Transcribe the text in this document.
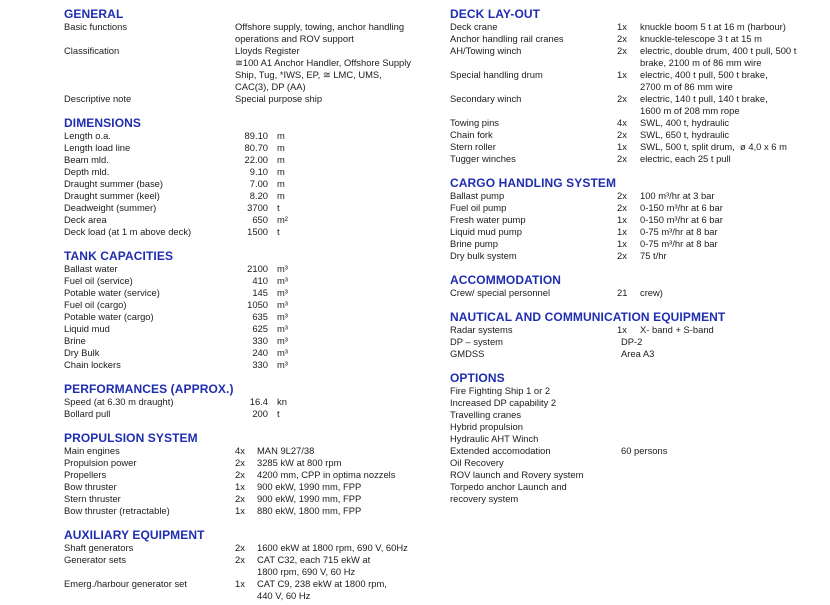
GENERAL
Basic functions	Offshore supply, towing, anchor handling
operations and ROV support
Classification	Lloyds Register
≅100 A1 Anchor Handler, Offshore Supply
Ship, Tug, *IWS, EP, ≅ LMC, UMS,
CAC(3), DP (AA)
Descriptive note	Special purpose ship
DIMENSIONS
Length o.a.	89.10 m
Length load line	80.70 m
Beam mld.	22.00 m
Depth mld.	9.10 m
Draught summer (base)	7.00 m
Draught summer (keel)	8.20 m
Deadweight (summer)	3700 t
Deck area	650 m²
Deck load (at 1 m above deck)	1500 t
TANK CAPACITIES
Ballast water	2100 m³
Fuel oil (service)	410 m³
Potable water (service)	145 m³
Fuel oil (cargo)	1050 m³
Potable water (cargo)	635 m³
Liquid mud	625 m³
Brine	330 m³
Dry Bulk	240 m³
Chain lockers	330 m³
PERFORMANCES (APPROX.)
Speed (at 6.30 m draught)	16.4 kn
Bollard pull	200 t
PROPULSION SYSTEM
Main engines	4x	MAN 9L27/38
Propulsion power	2x	3285 kW at 800 rpm
Propellers	2x	4200 mm, CPP in optima nozzels
Bow thruster	1x	900 ekW, 1990 mm, FPP
Stern thruster	2x	900 ekW, 1990 mm, FPP
Bow thruster (retractable)	1x	880 ekW, 1800 mm, FPP
AUXILIARY EQUIPMENT
Shaft generators	2x	1600 ekW at 1800 rpm, 690 V, 60Hz
Generator sets	2x	CAT C32, each 715 ekW at
1800 rpm, 690 V, 60 Hz
Emerg./harbour generator set	1x	CAT C9, 238 ekW at 1800 rpm,
440 V, 60 Hz
DECK LAY-OUT
Deck crane	1x	knuckle boom 5 t at 16 m (harbour)
Anchor handling rail cranes	2x	knuckle-telescope 3 t at 15 m
AH/Towing winch	2x	electric, double drum, 400 t pull, 500 t
brake, 2100 m of 86 mm wire
Special handling drum	1x	electric, 400 t pull, 500 t brake,
2700 m of 86 mm wire
Secondary winch	2x	electric, 140 t pull, 140 t brake,
1600 m of 208 mm rope
Towing pins	4x	SWL, 400 t, hydraulic
Chain fork	2x	SWL, 650 t, hydraulic
Stern roller	1x	SWL, 500 t, split drum,  ø 4,0 x 6 m
Tugger winches	2x	electric, each 25 t pull
CARGO HANDLING SYSTEM
Ballast pump	2x	100 m³/hr at 3 bar
Fuel oil pump	2x	0-150 m³/hr at 6 bar
Fresh water pump	1x	0-150 m³/hr at 6 bar
Liquid mud pump	1x	0-75 m³/hr at 8 bar
Brine pump	1x	0-75 m³/hr at 8 bar
Dry bulk system	2x	75 t/hr
ACCOMMODATION
Crew/ special personnel	21	crew)
NAUTICAL AND COMMUNICATION EQUIPMENT
Radar systems	1x	X- band + S-band
DP – system	DP-2
GMDSS	Area A3
OPTIONS
Fire Fighting Ship 1 or 2
Increased DP capability 2
Travelling cranes
Hybrid propulsion
Hydraulic AHT Winch
Extended accomodation	60 persons
Oil Recovery
ROV launch and Rovery system
Torpedo anchor Launch and
recovery system
